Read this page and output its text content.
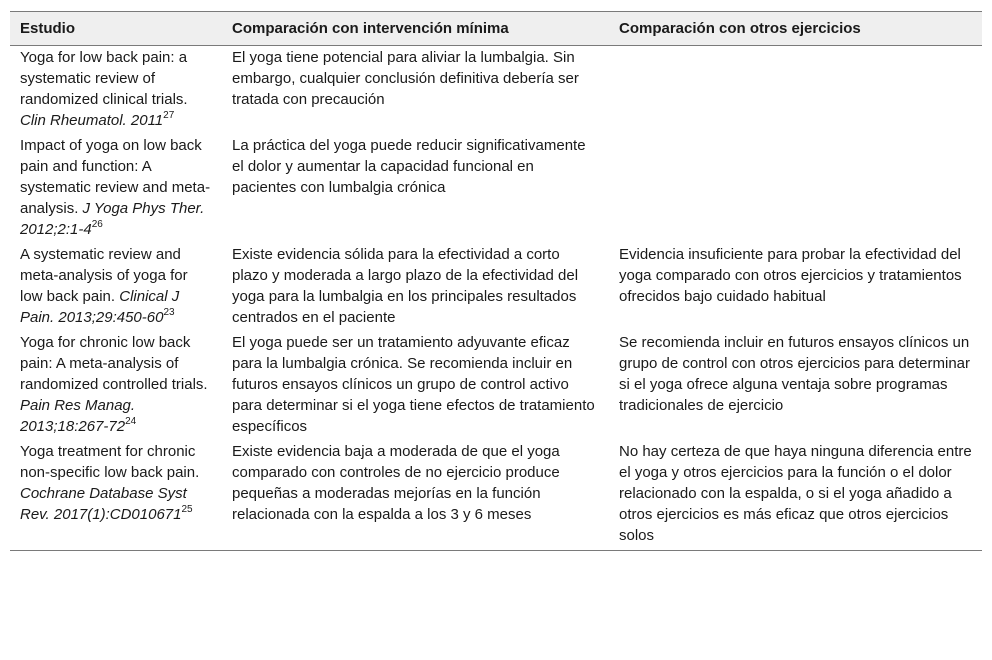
Estudio	Comparación con intervención mínima	Comparación con otros ejercicios
Yoga for low back pain: a systematic review of randomized clinical trials. Clin Rheumatol. 2011$^{27}$	El yoga tiene potencial para aliviar la lumbalgia. Sin embargo, cualquier conclusión definitiva debería ser tratada con precaución	
Impact of yoga on low back pain and function: A systematic review and meta-analysis. J Yoga Phys Ther. $2012;2:1-4^{26}$	La práctica del yoga puede reducir significativamente el dolor y aumentar la capacidad funcional en pacientes con lumbalgia crónica	
A systematic review and meta-analysis of yoga for low back pain. Clinical J Pain. $2013;29:450-60^{23}$	Existe evidencia sólida para la efectividad a corto plazo y moderada a largo plazo de la efectividad del yoga para la lumbalgia en los principales resultados centrados en el paciente	Evidencia insuficiente para probar la efectividad del yoga comparado con otros ejercicios y tratamientos ofrecidos bajo cuidado habitual
Yoga for chronic low back pain: A meta-analysis of randomized controlled trials. Pain Res Manag. $2013;18:267-72^{24}$	El yoga puede ser un tratamiento adyuvante eficaz para la lumbalgia crónica. Se recomienda incluir en futuros ensayos clínicos un grupo de control activo para determinar si el yoga tiene efectos de tratamiento específicos	Se recomienda incluir en futuros ensayos clínicos un grupo de control con otros ejercicios para determinar si el yoga ofrece alguna ventaja sobre programas tradicionales de ejercicio
Yoga treatment for chronic non-specific low back pain. Cochrane Database Syst Rev. 2017(1):CD010671$^{25}$	Existe evidencia baja a moderada de que el yoga comparado con controles de no ejercicio produce pequeñas a moderadas mejorías en la función relacionada con la espalda a los 3 y 6 meses	No hay certeza de que haya ninguna diferencia entre el yoga y otros ejercicios para la función o el dolor relacionado con la espalda, o si el yoga añadido a otros ejercicios es más eficaz que otros ejercicios solos
